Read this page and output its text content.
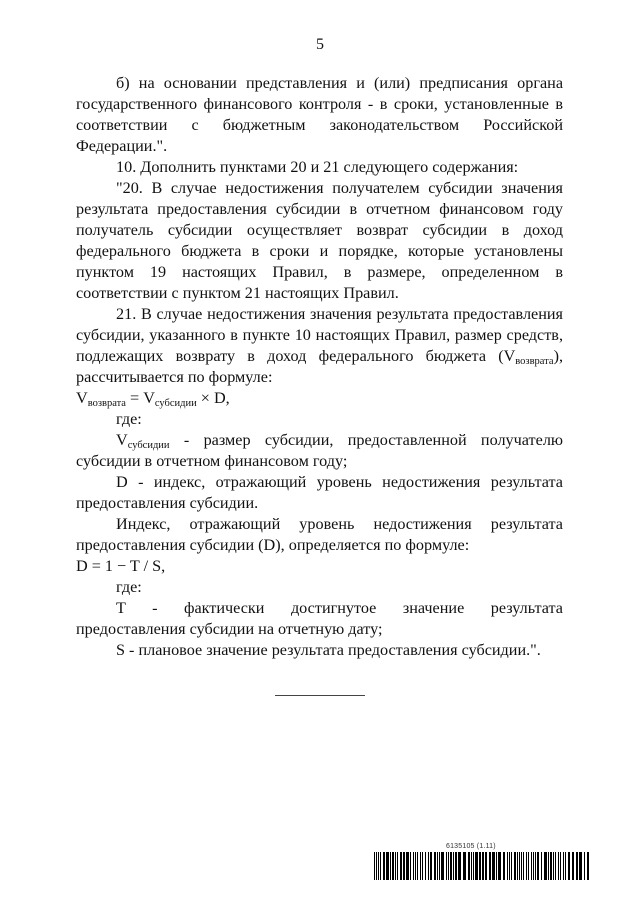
5

б) на основании представления и (или) предписания органа государственного финансового контроля - в сроки, установленные в соответствии с бюджетным законодательством Российской Федерации.".

10. Дополнить пунктами 20 и 21 следующего содержания:

"20. В случае недостижения получателем субсидии значения результата предоставления субсидии в отчетном финансовом году получатель субсидии осуществляет возврат субсидии в доход федерального бюджета в сроки и порядке, которые установлены пунктом 19 настоящих Правил, в размере, определенном в соответствии с пунктом 21 настоящих Правил.

21. В случае недостижения значения результата предоставления субсидии, указанного в пункте 10 настоящих Правил, размер средств, подлежащих возврату в доход федерального бюджета $(V_{возврата})$, рассчитывается по формуле:

$V_{возврата} = V_{субсидии} \times D$,

где:

$V_{субсидии}$ - размер субсидии, предоставленной получателю субсидии в отчетном финансовом году;

D - индекс, отражающий уровень недостижения результата предоставления субсидии.

Индекс, отражающий уровень недостижения результата предоставления субсидии (D), определяется по формуле:

D = 1 − T / S,

где:

T - фактически достигнутое значение результата предоставления субсидии на отчетную дату;

S - плановое значение результата предоставления субсидии.".

6135105 (1.11)
